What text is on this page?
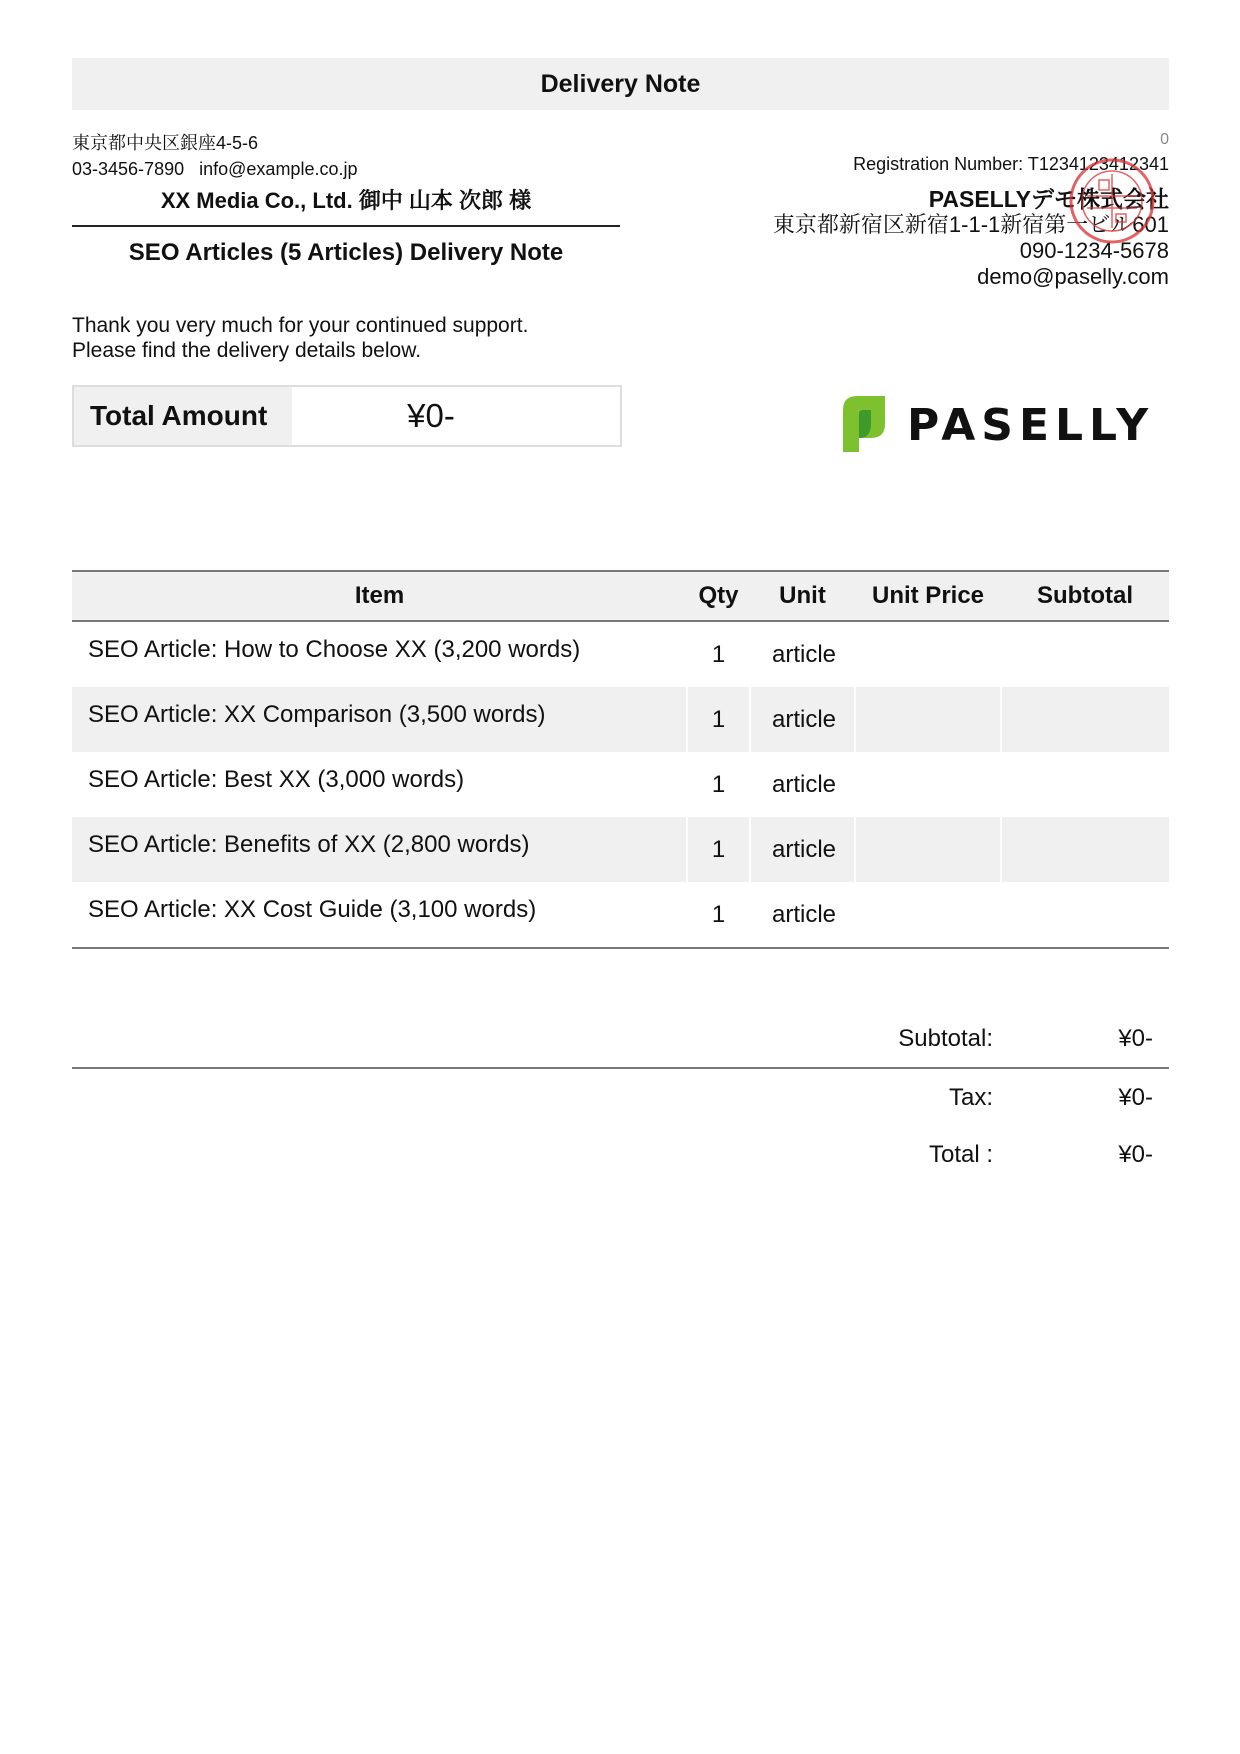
Delivery Note
東京都中央区銀座4-5-6
03-3456-7890 info@example.co.jp
XX Media Co., Ltd. 御中 山本 次郎 様
SEO Articles (5 Articles) Delivery Note
Thank you very much for your continued support.
Please find the delivery details below.
Total Amount	¥0-
0
Registration Number: T1234123412341
PASELLYデモ株式会社
東京都新宿区新宿1-1-1新宿第一ビル601
090-1234-5678
demo@paselly.com
PASELLY
Item	Qty	Unit	Unit Price	Subtotal
SEO Article: How to Choose XX (3,200 words)	1	article		
SEO Article: XX Comparison (3,500 words)	1	article		
SEO Article: Best XX (3,000 words)	1	article		
SEO Article: Benefits of XX (2,800 words)	1	article		
SEO Article: XX Cost Guide (3,100 words)	1	article		
Subtotal:	¥0-
Tax:	¥0-
Total :	¥0-
